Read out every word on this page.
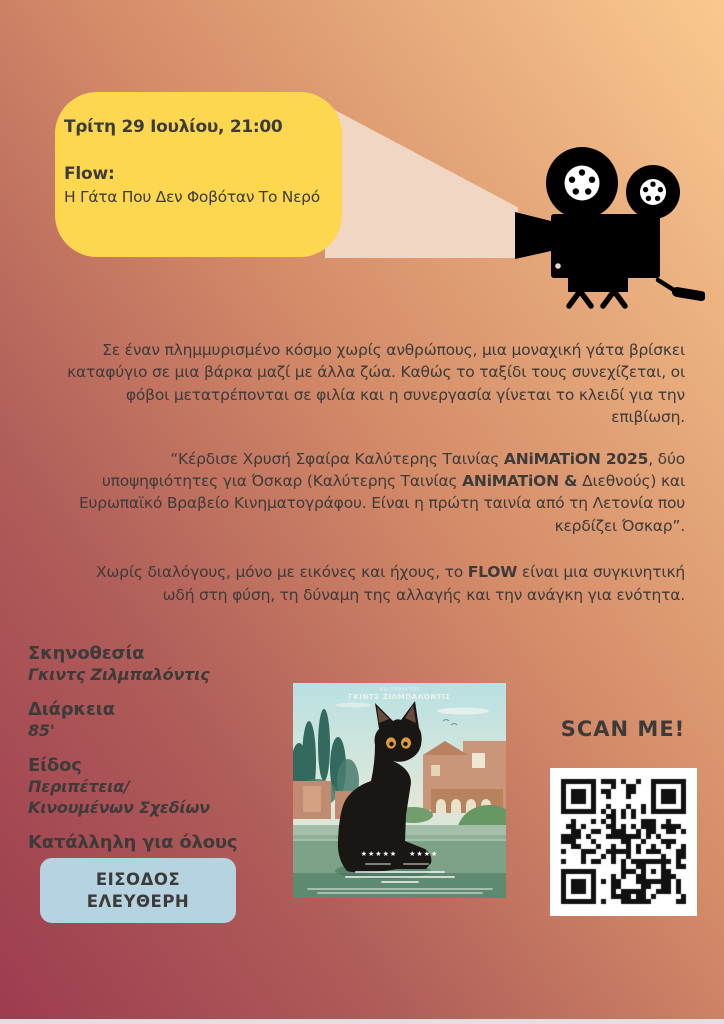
Τρίτη 29 Ιουλίου, 21:00
Flow:
Η Γάτα Που Δεν Φοβόταν Το Νερό

Σε έναν πλημμυρισμένο κόσμο χωρίς ανθρώπους, μια μοναχική γάτα βρίσκει
καταφύγιο σε μια βάρκα μαζί με άλλα ζώα. Καθώς το ταξίδι τους συνεχίζεται, οι
φόβοι μετατρέπονται σε φιλία και η συνεργασία γίνεται το κλειδί για την
επιβίωση.

“Κέρδισε Χρυσή Σφαίρα Καλύτερης Ταινίας ANiMATiON 2025, δύο
υποψηφιότητες για Όσκαρ (Καλύτερης Ταινίας ANiMATiON & Διεθνούς) και
Ευρωπαϊκό Βραβείο Κινηματογράφου. Είναι η πρώτη ταινία από τη Λετονία που
κερδίζει Όσκαρ”.

Χωρίς διαλόγους, μόνο με εικόνες και ήχους, το FLOW είναι μια συγκινητική
ωδή στη φύση, τη δύναμη της αλλαγής και την ανάγκη για ενότητα.

Σκηνοθεσία
Γκιντς Ζιλμπαλόντις
Διάρκεια
85'
Είδος
Περιπέτεια/
Κινουμένων Σχεδίων
Κατάλληλη για όλους
ΕΙΣΟΔΟΣ
ΕΛΕΥΘΕΡΗ
ΜΙΑ ΤΑΙΝΙΑ ΤΟΥ
ΓΚΙΝΤΣ ΖΙΛΜΠΑΛΟΝΤΙΣ
★★★★★ ★★★★
SCAN ME!
